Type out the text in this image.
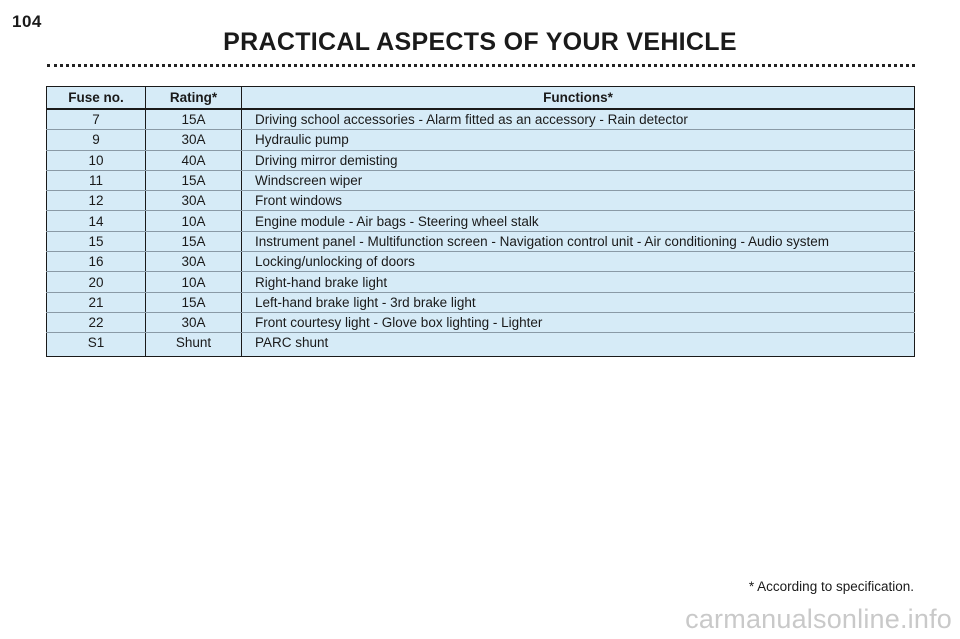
104
PRACTICAL ASPECTS OF YOUR VEHICLE
Fuse no.	Rating*	Functions*
7	15A	Driving school accessories - Alarm fitted as an accessory - Rain detector
9	30A	Hydraulic pump
10	40A	Driving mirror demisting
11	15A	Windscreen wiper
12	30A	Front windows
14	10A	Engine module - Air bags - Steering wheel stalk
15	15A	Instrument panel - Multifunction screen - Navigation control unit - Air conditioning - Audio system
16	30A	Locking/unlocking of doors
20	10A	Right-hand brake light
21	15A	Left-hand brake light - 3rd brake light
22	30A	Front courtesy light - Glove box lighting - Lighter
S1	Shunt	PARC shunt
* According to specification.
carmanualsonline.info
